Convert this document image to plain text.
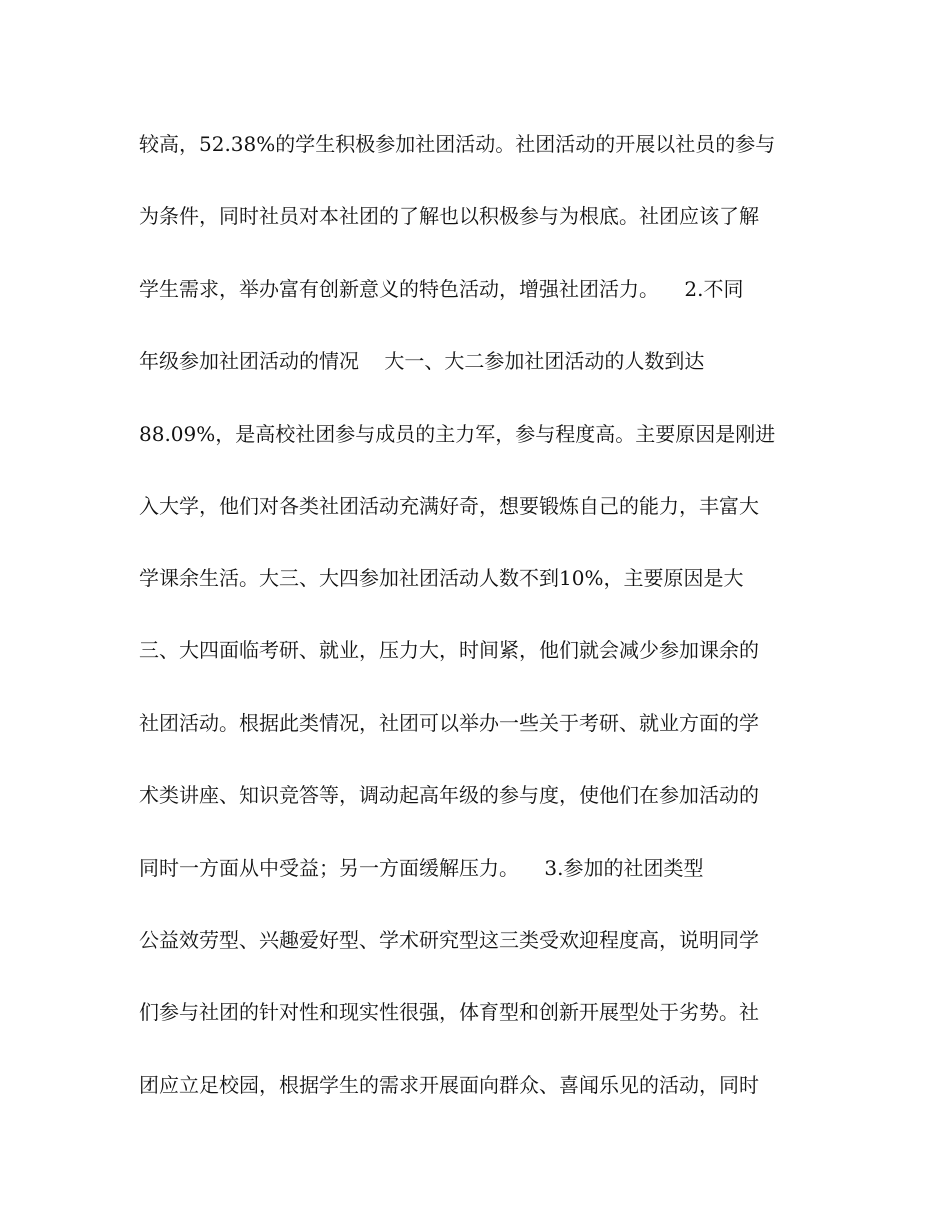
较高，52.38%的学生积极参加社团活动。社团活动的开展以社员的参与
为条件，同时社员对本社团的了解也以积极参与为根底。社团应该了解
学生需求，举办富有创新意义的特色活动，增强社团活力。    2.不同
年级参加社团活动的情况    大一、大二参加社团活动的人数到达
88.09%，是高校社团参与成员的主力军，参与程度高。主要原因是刚进
入大学，他们对各类社团活动充满好奇，想要锻炼自己的能力，丰富大
学课余生活。大三、大四参加社团活动人数不到10%，主要原因是大
三、大四面临考研、就业，压力大，时间紧，他们就会减少参加课余的
社团活动。根据此类情况，社团可以举办一些关于考研、就业方面的学
术类讲座、知识竞答等，调动起高年级的参与度，使他们在参加活动的
同时一方面从中受益；另一方面缓解压力。    3.参加的社团类型
公益效劳型、兴趣爱好型、学术研究型这三类受欢迎程度高，说明同学
们参与社团的针对性和现实性很强，体育型和创新开展型处于劣势。社
团应立足校园，根据学生的需求开展面向群众、喜闻乐见的活动，同时
